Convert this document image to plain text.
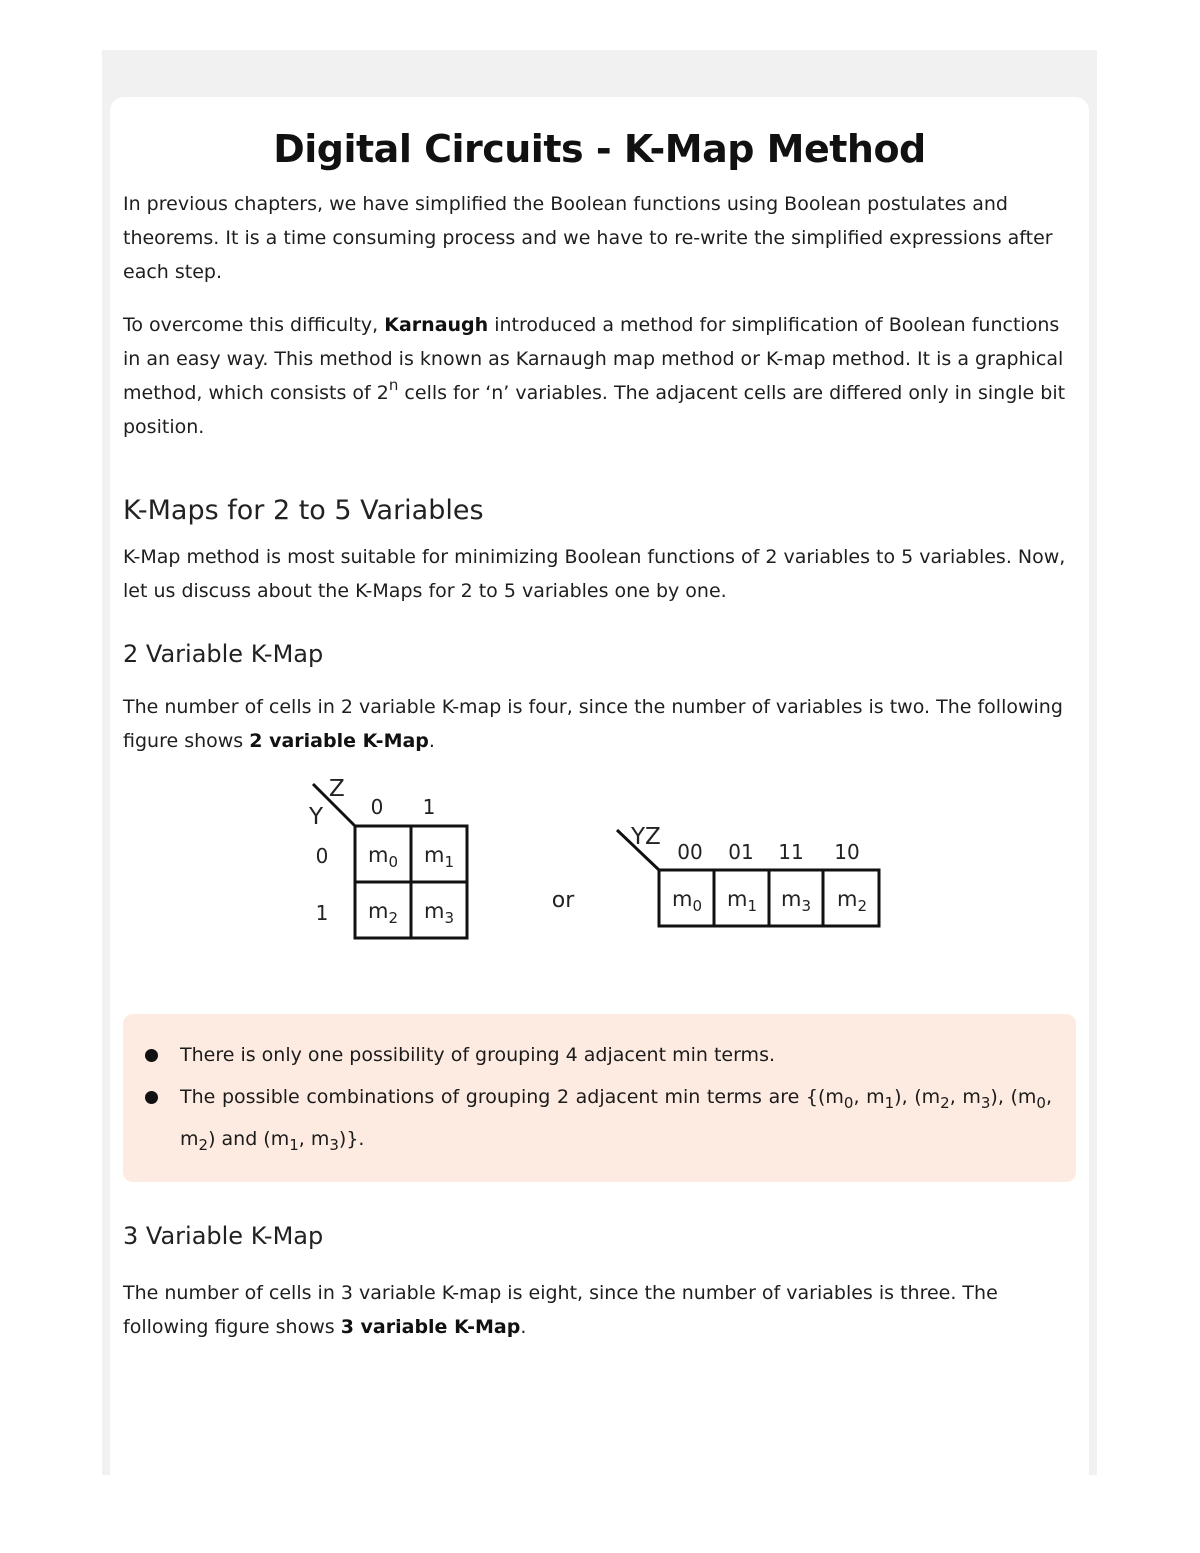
Digital Circuits - K-Map Method

In previous chapters, we have simplified the Boolean functions using Boolean postulates and theorems. It is a time consuming process and we have to re-write the simplified expressions after each step.

To overcome this difficulty, Karnaugh introduced a method for simplification of Boolean functions in an easy way. This method is known as Karnaugh map method or K-map method. It is a graphical method, which consists of 2$^n$ cells for ‘n’ variables. The adjacent cells are differed only in single bit position.

K-Maps for 2 to 5 Variables

K-Map method is most suitable for minimizing Boolean functions of 2 variables to 5 variables. Now, let us discuss about the K-Maps for 2 to 5 variables one by one.

2 Variable K-Map

The number of cells in 2 variable K-map is four, since the number of variables is two. The following figure shows 2 variable K-Map.

Z
Y 0 1
0
1
$m_0$ $m_1$
$m_2$ $m_3$
or
YZ
00 01 11 10
$m_0$ $m_1$ $m_3$ $m_2$
There is only one possibility of grouping 4 adjacent min terms.
The possible combinations of grouping 2 adjacent min terms are {($m_0$, $m_1$), ($m_2$, $m_3$), ($m_0$, $m_2$) and ($m_1$, $m_3$)}.
3 Variable K-Map

The number of cells in 3 variable K-map is eight, since the number of variables is three. The following figure shows 3 variable K-Map.
